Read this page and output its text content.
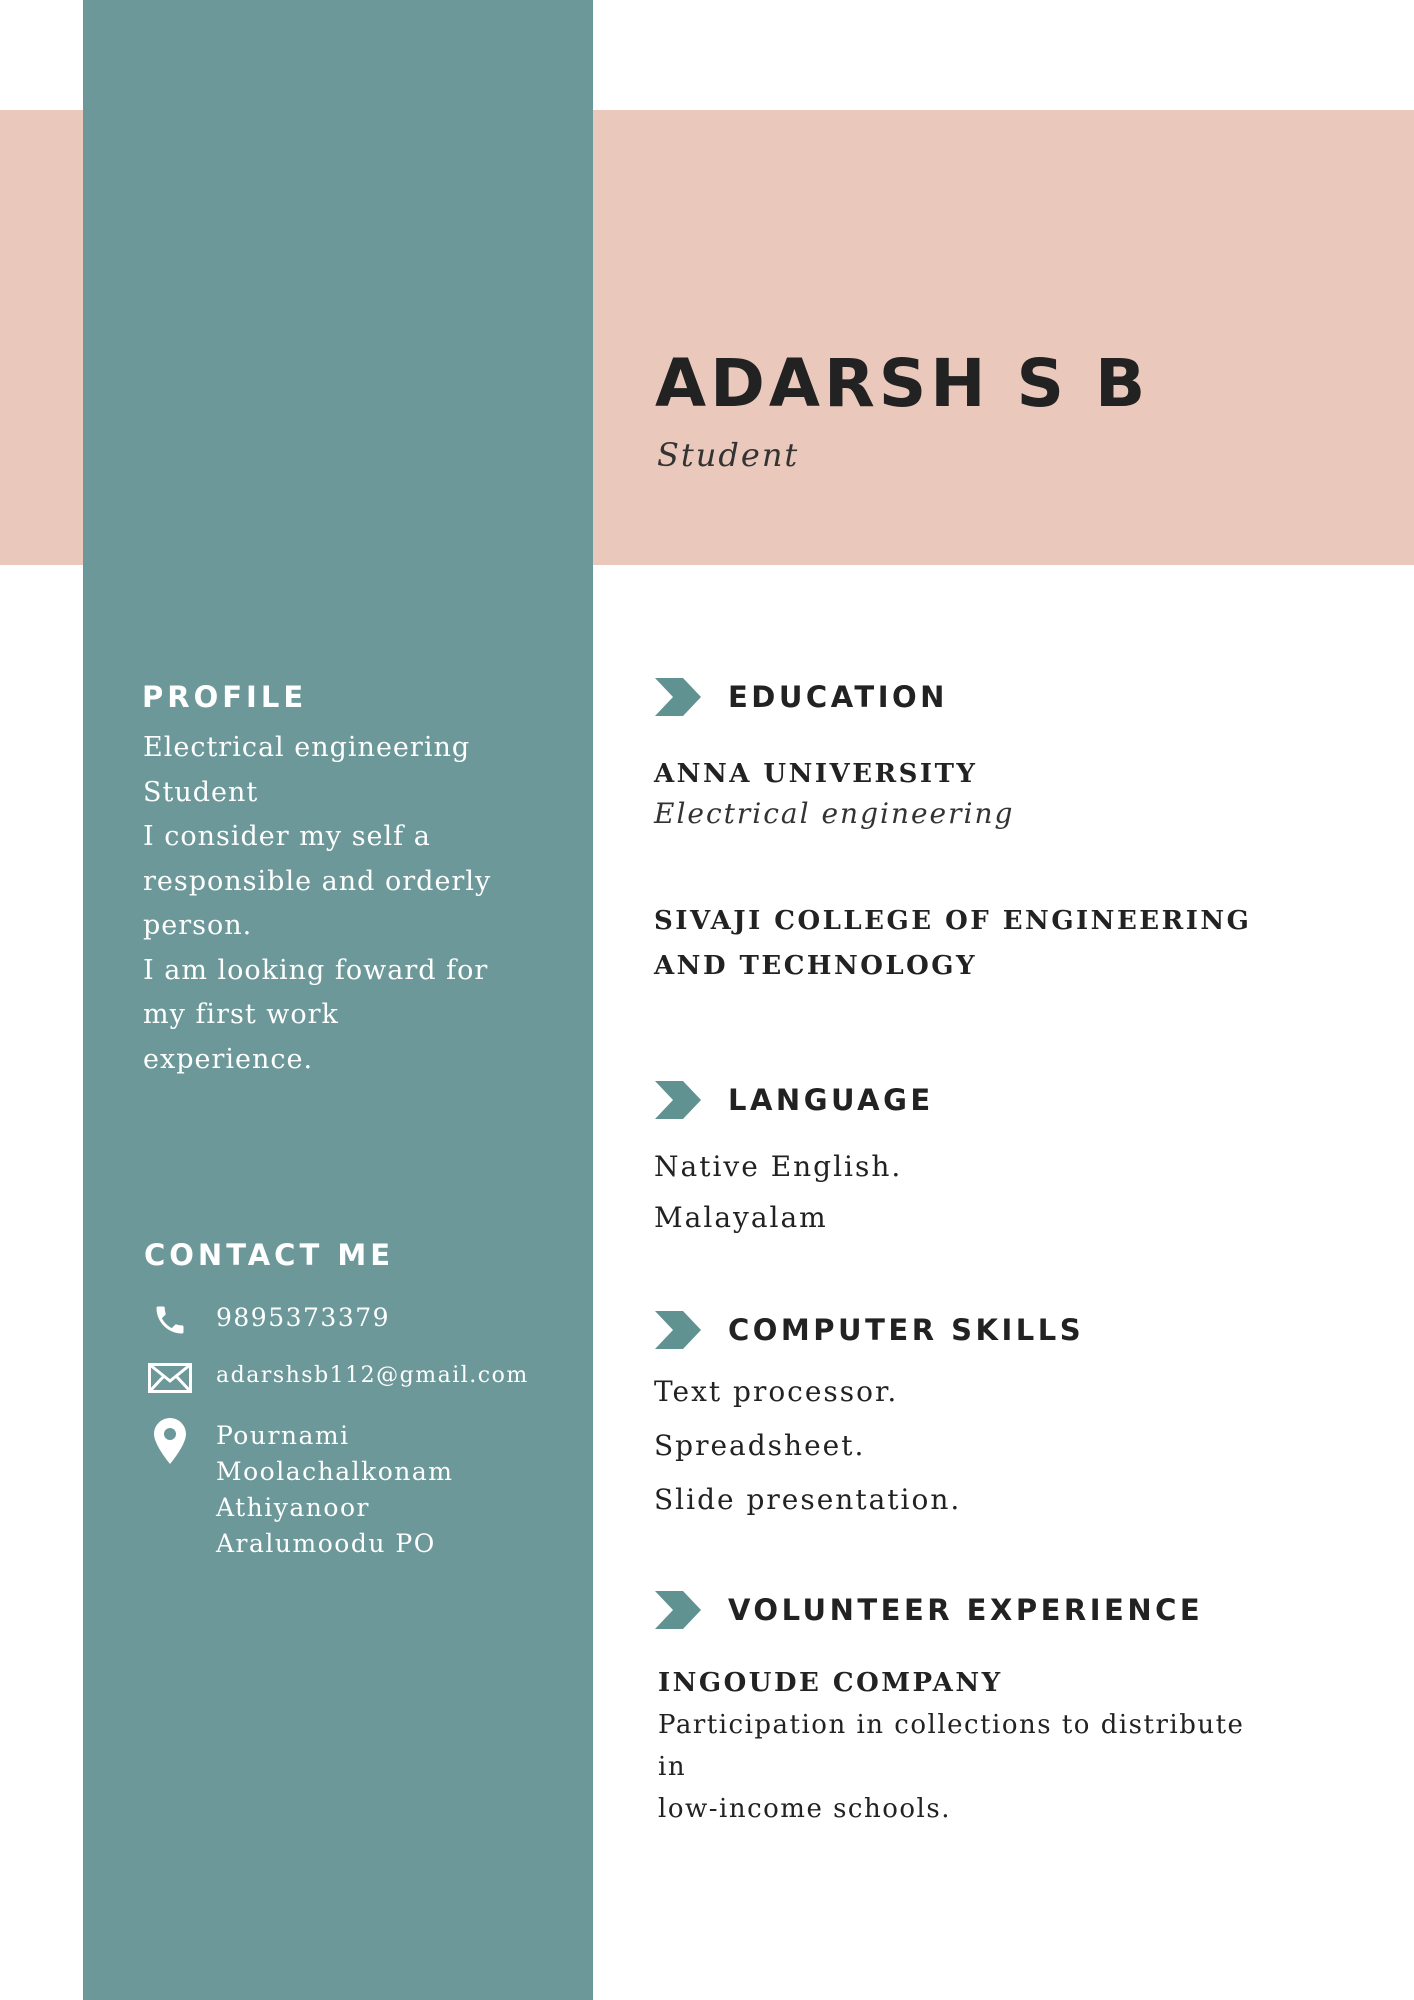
ADARSH S B
Student
PROFILE
Electrical engineering
Student
I consider my self a
responsible and orderly
person.
I am looking foward for
my first work
experience.
CONTACT ME
9895373379
adarshsb112@gmail.com
Pournami
Moolachalkonam
Athiyanoor
Aralumoodu PO
EDUCATION
ANNA UNIVERSITY
Electrical engineering
SIVAJI COLLEGE OF ENGINEERING
AND TECHNOLOGY
LANGUAGE
Native English.
Malayalam
COMPUTER SKILLS
Text processor.
Spreadsheet.
Slide presentation.
VOLUNTEER EXPERIENCE
INGOUDE COMPANY
Participation in collections to distribute in
low-income schools.
